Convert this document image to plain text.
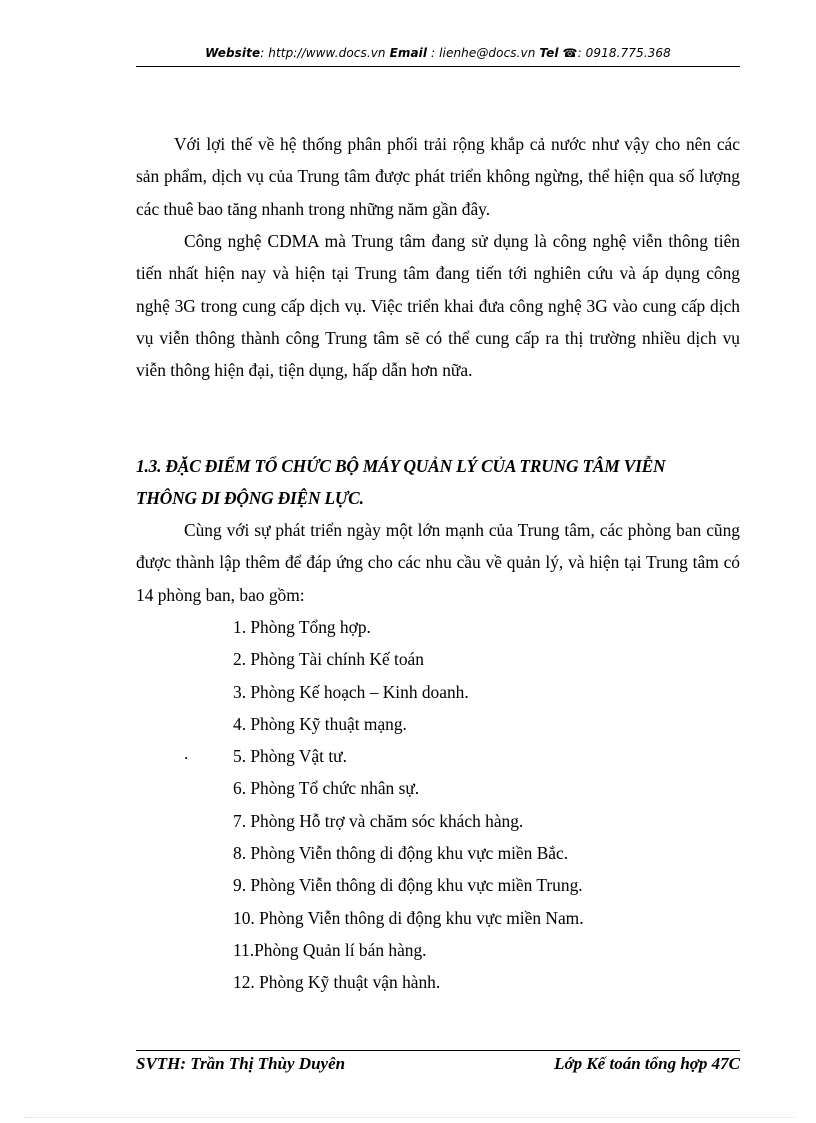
Website: http://www.docs.vn Email : lienhe@docs.vn Tel ☎: 0918.775.368

Với lợi thế về hệ thống phân phối trải rộng khắp cả nước như vậy cho nên các sản phẩm, dịch vụ của Trung tâm được phát triển không ngừng, thể hiện qua số lượng các thuê bao tăng nhanh trong những năm gần đây.

Công nghệ CDMA mà Trung tâm đang sử dụng là công nghệ viễn thông tiên tiến nhất hiện nay và hiện tại Trung tâm đang tiến tới nghiên cứu và áp dụng công nghệ 3G trong cung cấp dịch vụ. Việc triển khai đưa công nghệ 3G vào cung cấp dịch vụ viễn thông thành công Trung tâm sẽ có thể cung cấp ra thị trường nhiều dịch vụ viễn thông hiện đại, tiện dụng, hấp dẫn hơn nữa.

1.3. ĐẶC ĐIỂM TỔ CHỨC BỘ MÁY QUẢN LÝ CỦA TRUNG TÂM VIỄN
THÔNG DI ĐỘNG ĐIỆN LỰC.

Cùng với sự phát triển ngày một lớn mạnh của Trung tâm, các phòng ban cũng được thành lập thêm để đáp ứng cho các nhu cầu về quản lý, và hiện tại Trung tâm có 14 phòng ban, bao gồm:

.
1. Phòng Tổng hợp.
2. Phòng Tài chính Kế toán
3. Phòng Kế hoạch – Kinh doanh.
4. Phòng Kỹ thuật mạng.
5. Phòng Vật tư.
6. Phòng Tổ chức nhân sự.
7. Phòng Hỗ trợ và chăm sóc khách hàng.
8. Phòng Viễn thông di động khu vực miền Bắc.
9. Phòng Viễn thông di động khu vực miền Trung.
10. Phòng Viễn thông di động khu vực miền Nam.
11.Phòng Quản lí bán hàng.
12. Phòng Kỹ thuật vận hành.
SVTH: Trần Thị Thùy Duyên	Lớp Kế toán tổng hợp 47C
